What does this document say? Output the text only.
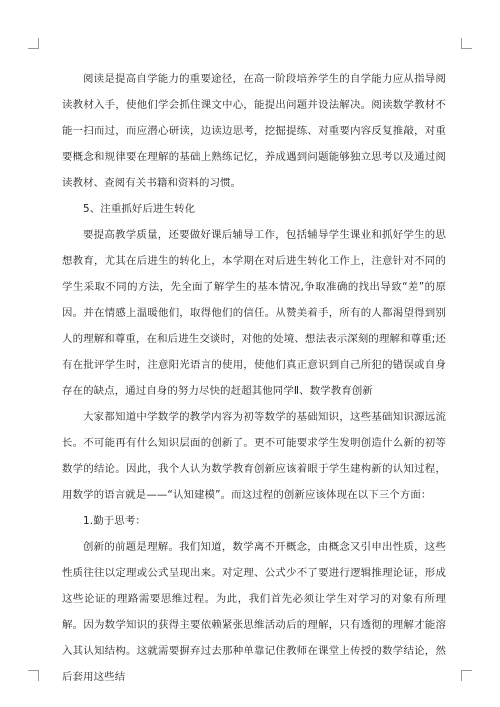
阅读是提高自学能力的重要途径，在高一阶段培养学生的自学能力应从指导阅读教材入手，使他们学会抓住课文中心，能提出问题并设法解决。阅读数学教材不能一扫而过，而应潜心研读，边读边思考，挖掘提练、对重要内容反复推敲，对重要概念和规律要在理解的基础上熟练记忆，养成遇到问题能够独立思考以及通过阅读教材、查阅有关书籍和资料的习惯。

5、注重抓好后进生转化

要提高教学质量，还要做好课后辅导工作，包括辅导学生课业和抓好学生的思想教育，尤其在后进生的转化上，本学期在对后进生转化工作上，注意针对不同的学生采取不同的方法，先全面了解学生的基本情况,争取准确的找出导致“差”的原因。并在情感上温暖他们，取得他们的信任。从赞美着手，所有的人都渴望得到别人的理解和尊重，在和后进生交谈时，对他的处境、想法表示深刻的理解和尊重;还有在批评学生时，注意阳光语言的使用，使他们真正意识到自己所犯的错误或自身存在的缺点，通过自身的努力尽快的赶超其他同学Ⅱ、数学教育创新

大家都知道中学数学的教学内容为初等数学的基础知识，这些基础知识源远流长。不可能再有什么知识层面的创新了。更不可能要求学生发明创造什么新的初等数学的结论。因此，我个人认为数学教育创新应该着眼于学生建构新的认知过程，用数学的语言就是——“认知建模”。而这过程的创新应该体现在以下三个方面：

1.勤于思考：

创新的前题是理解。我们知道，数学离不开概念，由概念又引申出性质，这些性质往往以定理或公式呈现出来。对定理、公式少不了要进行逻辑推理论证，形成这些论证的理路需要思维过程。为此，我们首先必须让学生对学习的对象有所理解。因为数学知识的获得主要依赖紧张思维活动后的理解，只有透彻的理解才能溶入其认知结构。这就需要摒弃过去那种单靠记住教师在课堂上传授的数学结论，然后套用这些结
